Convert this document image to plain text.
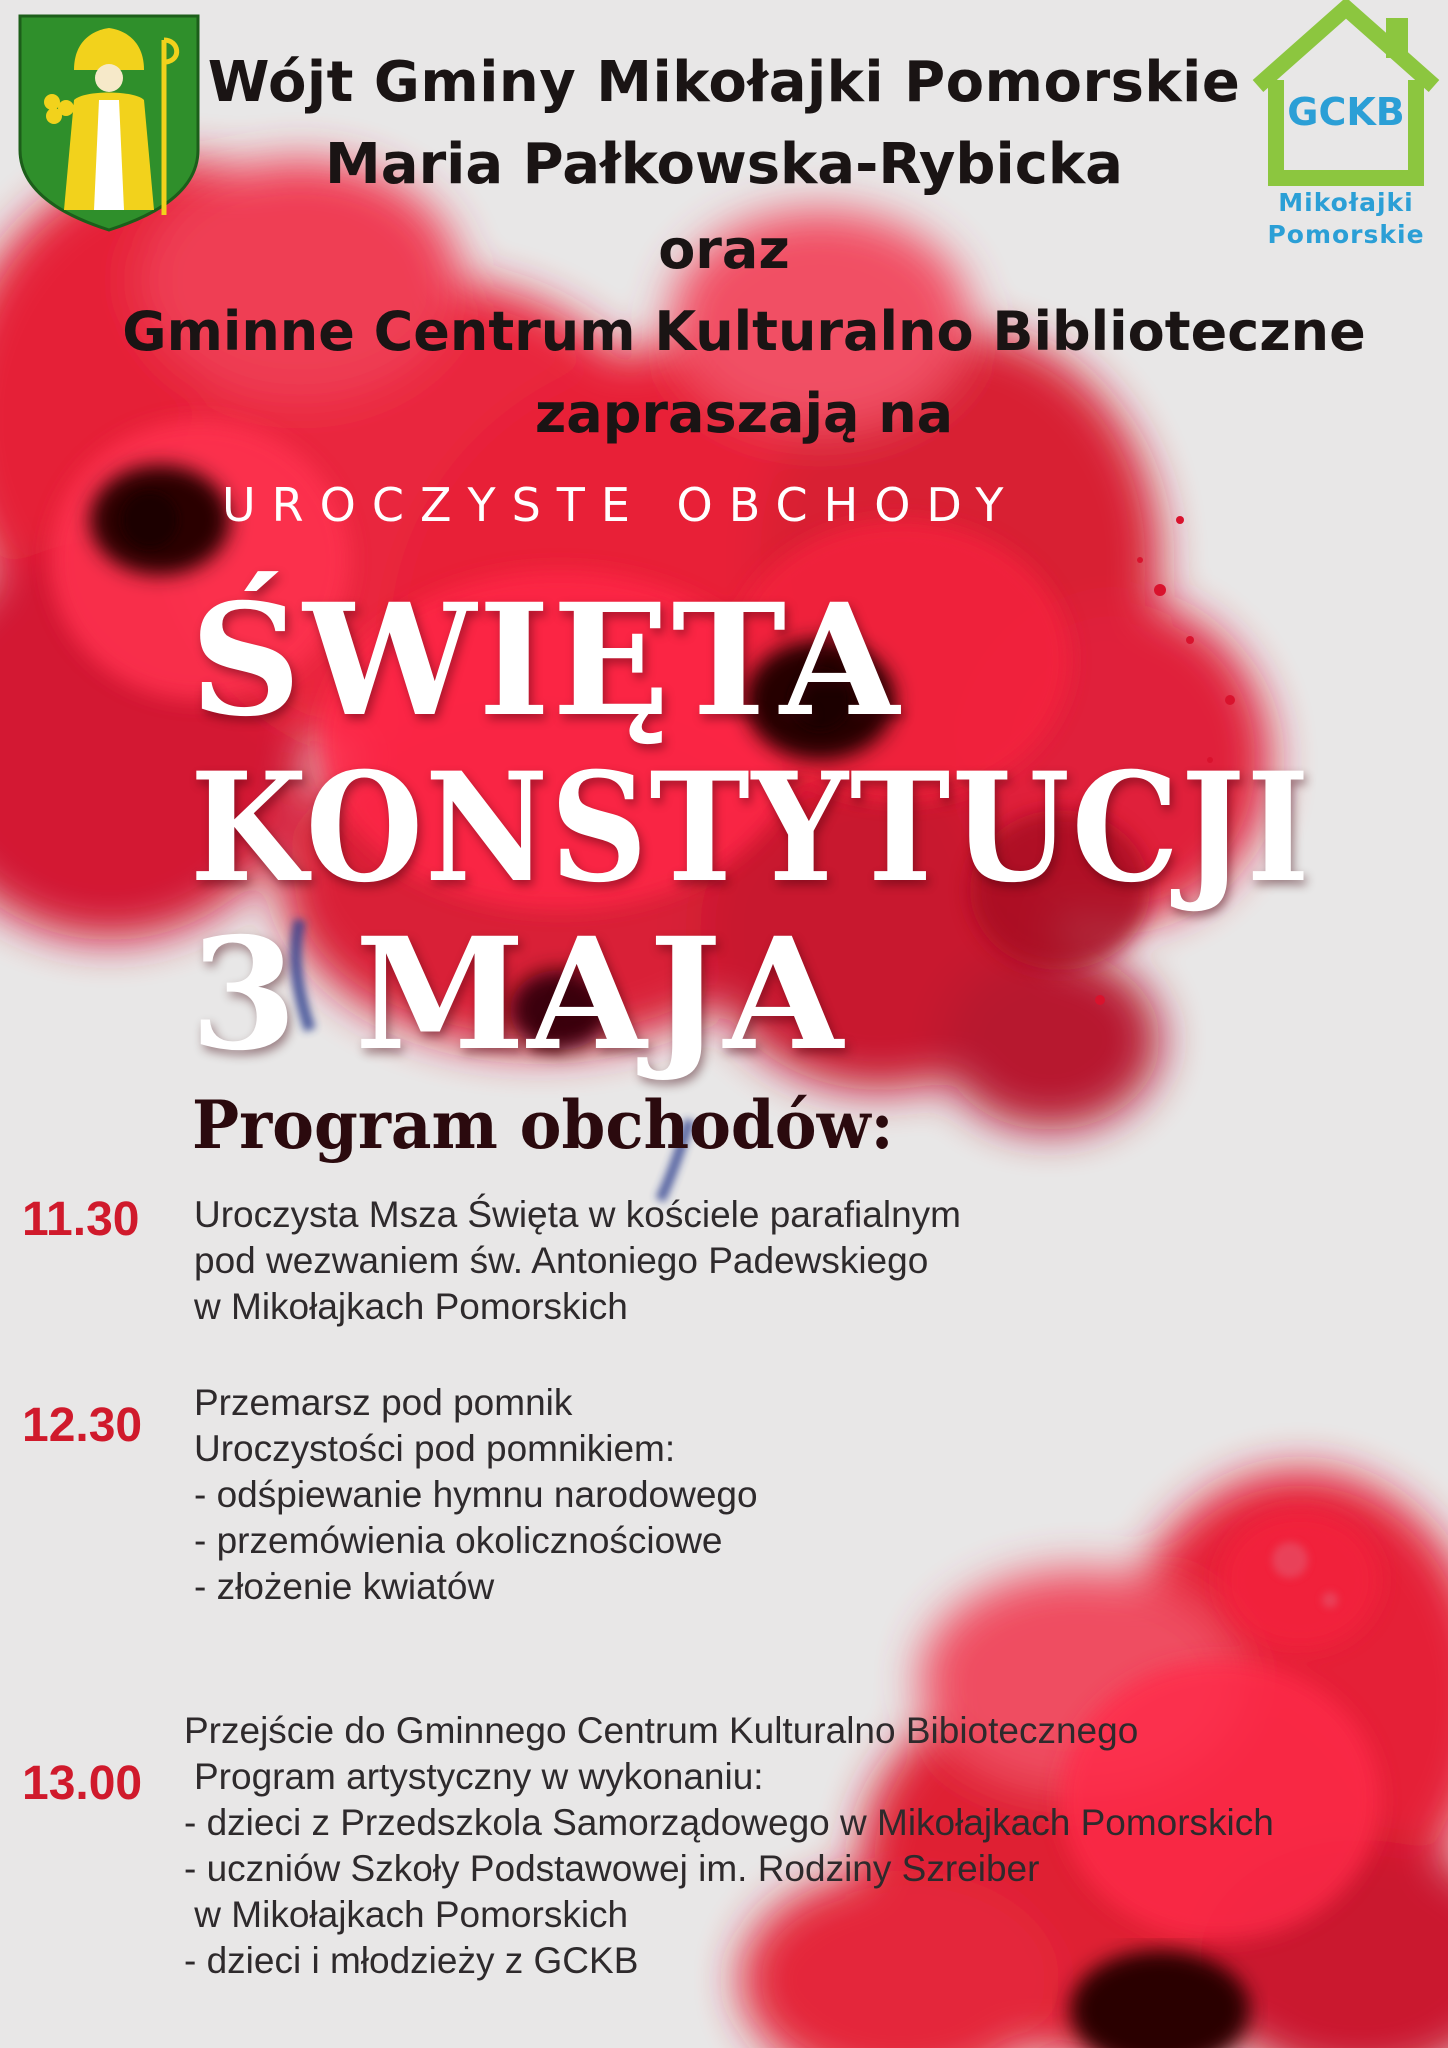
GCKB
Mikołajki
Pomorskie
Wójt Gminy Mikołajki Pomorskie
Maria Pałkowska-Rybicka
oraz
Gminne Centrum Kulturalno Biblioteczne
zapraszają na
UROCZYSTE OBCHODY
ŚWIĘTA
KONSTYTUCJI
3 MAJA
Program obchodów:
11.30 Uroczysta Msza Święta w kościele parafialnym
pod wezwaniem św. Antoniego Padewskiego
w Mikołajkach Pomorskich
12.30 Przemarsz pod pomnik
Uroczystości pod pomnikiem:
- odśpiewanie hymnu narodowego
- przemówienia okolicznościowe
- złożenie kwiatów
13.00
Przejście do Gminnego Centrum Kulturalno Bibiotecznego
Program artystyczny w wykonaniu:
- dzieci z Przedszkola Samorządowego w Mikołajkach Pomorskich
- uczniów Szkoły Podstawowej im. Rodziny Szreiber
w Mikołajkach Pomorskich
- dzieci i młodzieży z GCKB
